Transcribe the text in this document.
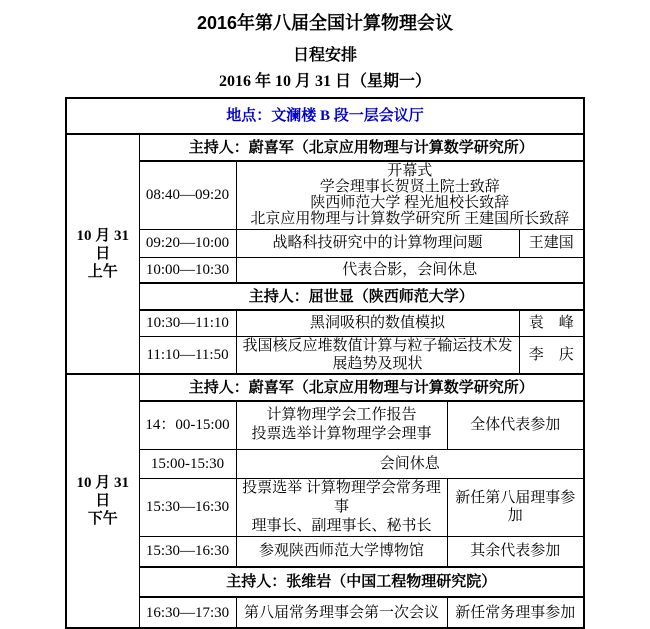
2016年第八届全国计算物理会议
日程安排
2016 年 10 月 31 日（星期一）
地点：文澜楼 B 段一层会议厅				

10 月 31 日
上午	主持人：蔚喜军（北京应用物理与计算数学研究所）			
	08:40—09:20	开幕式
学会理事长贺贤土院士致辞
陕西师范大学 程光旭校长致辞
北京应用物理与计算数学研究所 王建国所长致辞		

	09:20—10:00	战略科技研究中的计算物理问题		王建国
	10:00—10:30	代表合影，会间休息		
	主持人：屈世显（陕西师范大学）			
	10:30—11:10	黑洞吸积的数值模拟		袁　峰
	11:10—11:50	我国核反应堆数值计算与粒子输运技术发展趋势及现状		李　庆

10 月 31 日
下午	主持人：蔚喜军（北京应用物理与计算数学研究所）			
	14：00-15:00	计算物理学会工作报告
投票选举计算物理学会理事	全体代表参加	
	15:00-15:30	会间休息		
	15:30—16:30	投票选举 计算物理学会常务理事
理事长、副理事长、秘书长	新任第八届理事参加	
	15:30—16:30	参观陕西师范大学博物馆	其余代表参加	
	主持人：张维岩（中国工程物理研究院）			
	16:30—17:30	第八届常务理事会第一次会议	新任常务理事参加	
